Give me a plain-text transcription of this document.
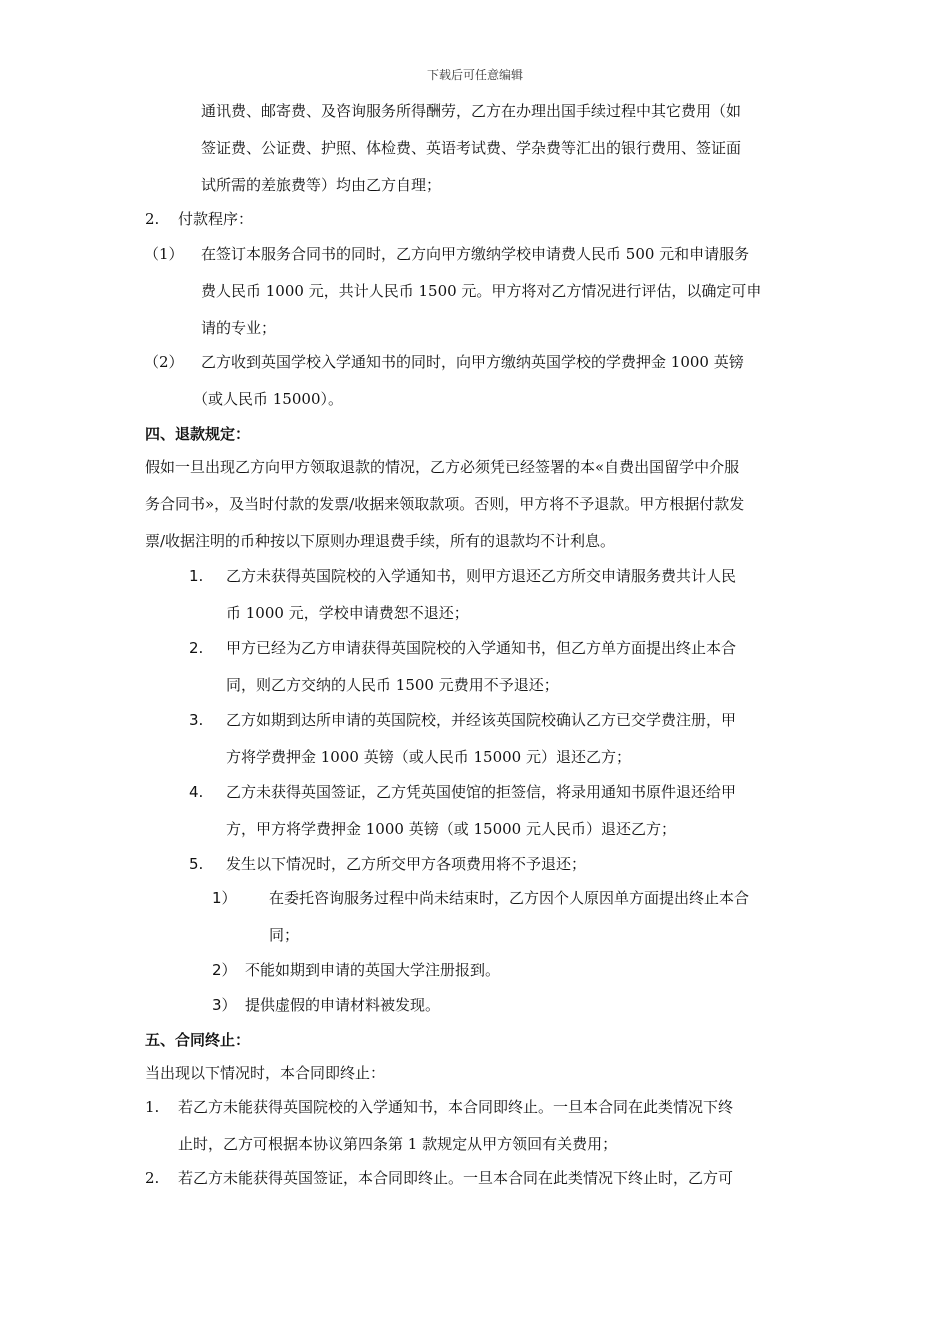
下载后可任意编辑
通讯费、邮寄费、及咨询服务所得酬劳，乙方在办理出国手续过程中其它费用（如
签证费、公证费、护照、体检费、英语考试费、学杂费等汇出的银行费用、签证面
试所需的差旅费等）均由乙方自理；
2. 付款程序：
（1） 在签订本服务合同书的同时，乙方向甲方缴纳学校申请费人民币 500 元和申请服务
费人民币 1000 元，共计人民币 1500 元。甲方将对乙方情况进行评估，以确定可申
请的专业；
（2） 乙方收到英国学校入学通知书的同时，向甲方缴纳英国学校的学费押金 1000 英镑
（或人民币 15000）。
四、退款规定：
假如一旦出现乙方向甲方领取退款的情况，乙方必须凭已经签署的本«自费出国留学中介服
务合同书»，及当时付款的发票/收据来领取款项。否则，甲方将不予退款。甲方根据付款发
票/收据注明的币种按以下原则办理退费手续，所有的退款均不计利息。
1. 乙方未获得英国院校的入学通知书，则甲方退还乙方所交申请服务费共计人民
币 1000 元，学校申请费恕不退还；
2. 甲方已经为乙方申请获得英国院校的入学通知书，但乙方单方面提出终止本合
同，则乙方交纳的人民币 1500 元费用不予退还；
3. 乙方如期到达所申请的英国院校，并经该英国院校确认乙方已交学费注册，甲
方将学费押金 1000 英镑（或人民币 15000 元）退还乙方；
4. 乙方未获得英国签证，乙方凭英国使馆的拒签信，将录用通知书原件退还给甲
方，甲方将学费押金 1000 英镑（或 15000 元人民币）退还乙方；
5. 发生以下情况时，乙方所交甲方各项费用将不予退还；
1） 在委托咨询服务过程中尚未结束时，乙方因个人原因单方面提出终止本合
同；
2） 不能如期到申请的英国大学注册报到。
3） 提供虚假的申请材料被发现。
五、合同终止：
当出现以下情况时，本合同即终止：
1. 若乙方未能获得英国院校的入学通知书，本合同即终止。一旦本合同在此类情况下终
止时，乙方可根据本协议第四条第 1 款规定从甲方领回有关费用；
2. 若乙方未能获得英国签证，本合同即终止。一旦本合同在此类情况下终止时，乙方可
